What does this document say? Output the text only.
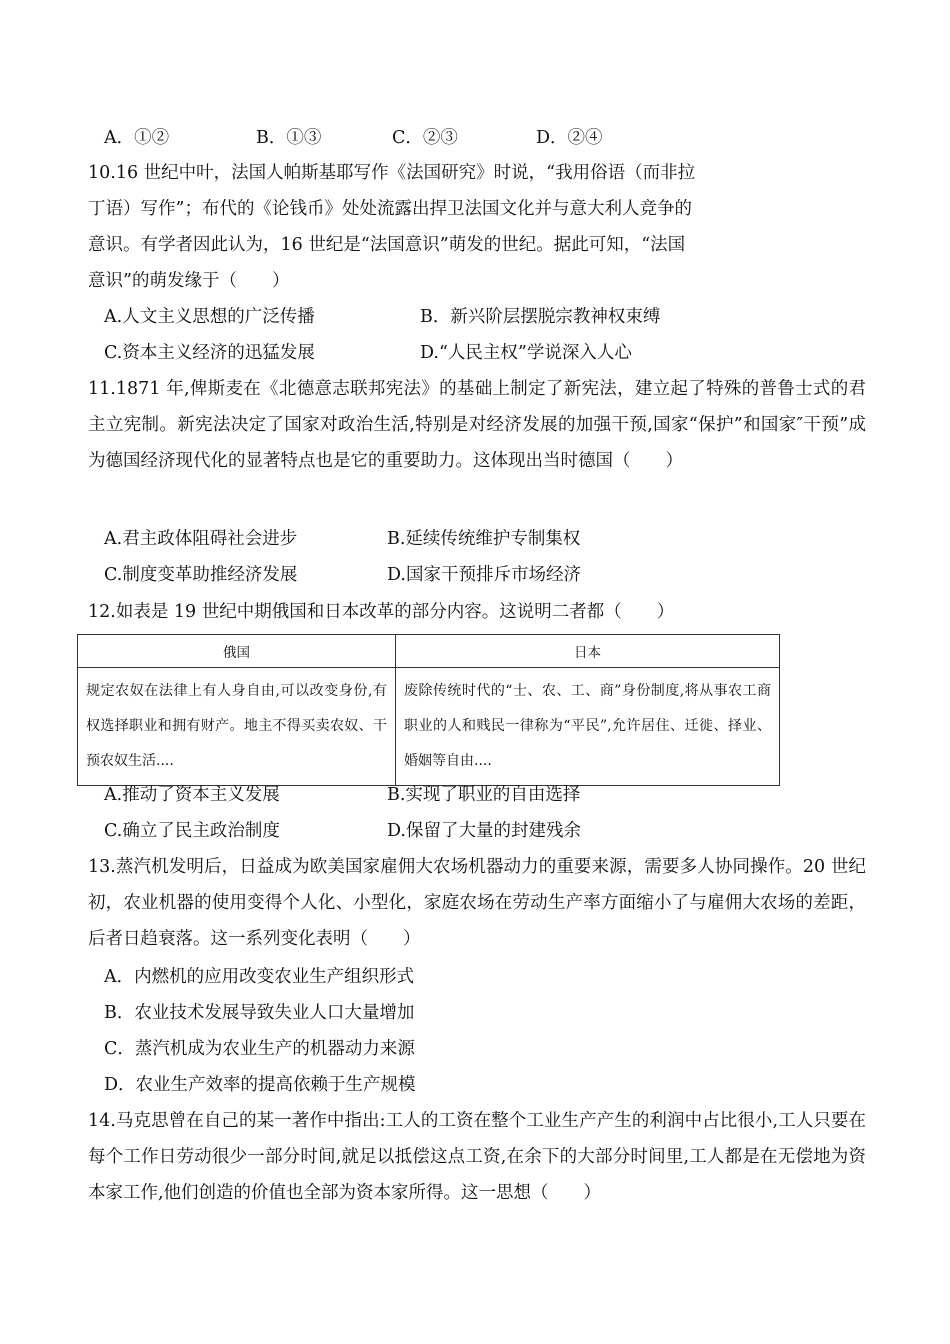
A．①②	B．①③	C．②③	D．②④
10.16 世纪中叶，法国人帕斯基耶写作《法国研究》时说，“我用俗语（而非拉
丁语）写作”；布代的《论钱币》处处流露出捍卫法国文化并与意大利人竞争的
意识。有学者因此认为，16 世纪是“法国意识”萌发的世纪。据此可知，“法国
意识”的萌发缘于（　　）
A.人文主义思想的广泛传播	B．新兴阶层摆脱宗教神权束缚
C.资本主义经济的迅猛发展	D.“人民主权”学说深入人心
11.1871 年,俾斯麦在《北德意志联邦宪法》的基础上制定了新宪法，建立起了特殊的普鲁士式的君主立宪制。新宪法决定了国家对政治生活,特别是对经济发展的加强干预,国家“保护”和国家″干预”成为德国经济现代化的显著特点也是它的重要助力。这体现出当时德国（　　）
A.君主政体阻碍社会进步	B.延续传统维护专制集权
C.制度变革助推经济发展	D.国家干预排斥市场经济
12.如表是 19 世纪中期俄国和日本改革的部分内容。这说明二者都（　　）
俄国	日本
规定农奴在法律上有人身自由,可以改变身份,有权选择职业和拥有财产。地主不得买卖农奴、干预农奴生活....	废除传统时代的“士、农、工、商”身份制度,将从事农工商职业的人和贱民一律称为“平民”,允许居住、迁徙、择业、婚姻等自由....
A.推动了资本主义发展	B.实现了职业的自由选择
C.确立了民主政治制度	D.保留了大量的封建残余
13.蒸汽机发明后，日益成为欧美国家雇佣大农场机器动力的重要来源，需要多人协同操作。20 世纪初，农业机器的使用变得个人化、小型化，家庭农场在劳动生产率方面缩小了与雇佣大农场的差距，后者日趋衰落。这一系列变化表明（　　）
A．内燃机的应用改变农业生产组织形式
B．农业技术发展导致失业人口大量增加
C．蒸汽机成为农业生产的机器动力来源
D．农业生产效率的提高依赖于生产规模
14.马克思曾在自己的某一著作中指出:工人的工资在整个工业生产产生的利润中占比很小,工人只要在每个工作日劳动很少一部分时间,就足以抵偿这点工资,在余下的大部分时间里,工人都是在无偿地为资本家工作,他们创造的价值也全部为资本家所得。这一思想（　　）
